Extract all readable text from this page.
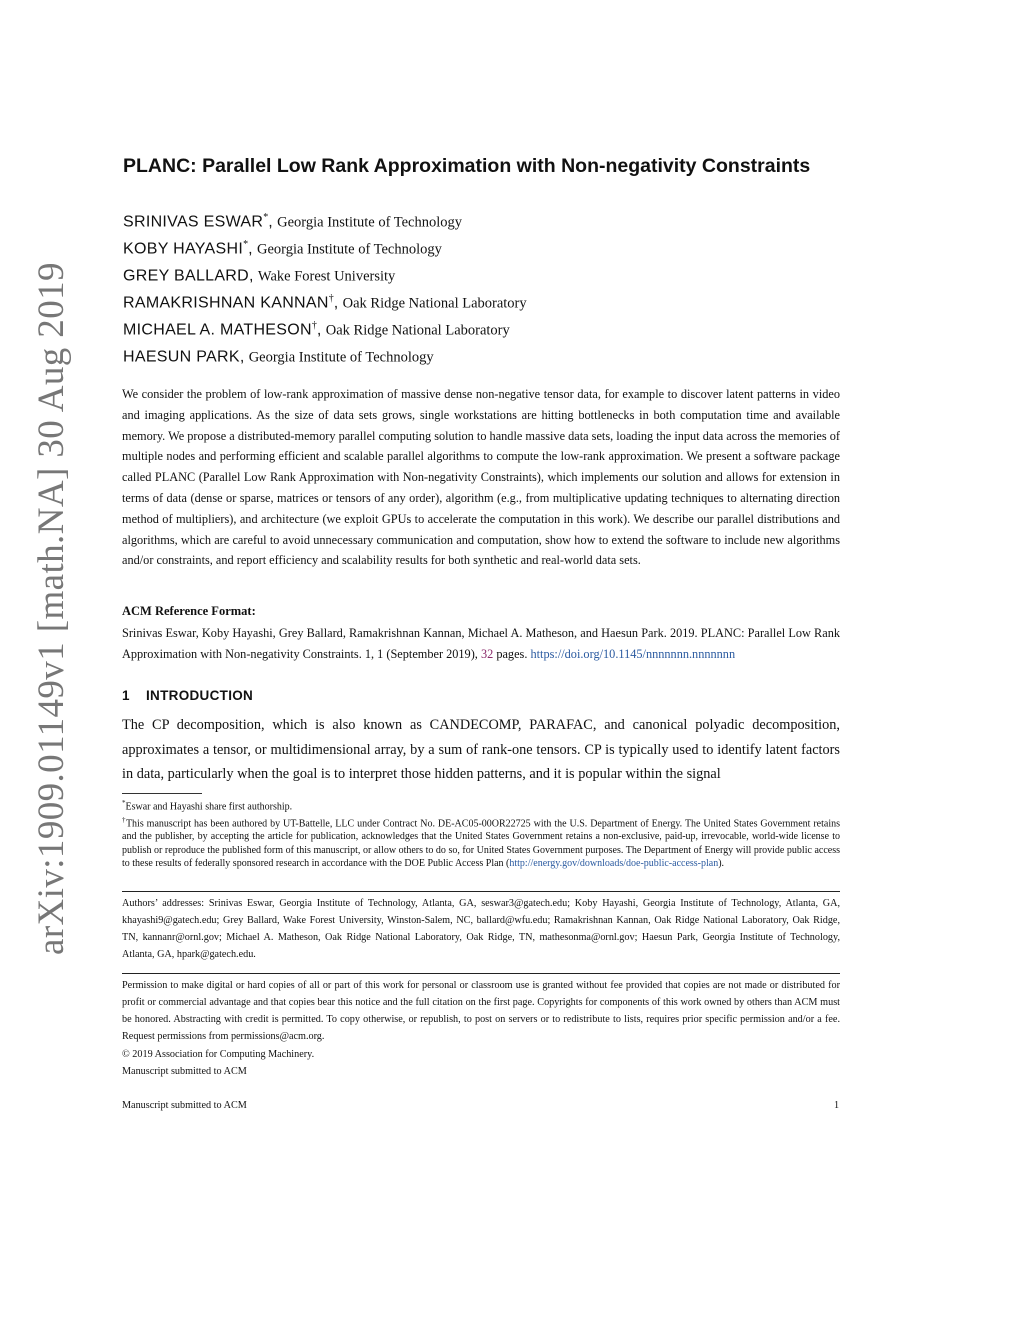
arXiv:1909.01149v1 [math.NA] 30 Aug 2019
PLANC: Parallel Low Rank Approximation with Non-negativity Constraints
SRINIVAS ESWAR*, Georgia Institute of Technology
KOBY HAYASHI*, Georgia Institute of Technology
GREY BALLARD, Wake Forest University
RAMAKRISHNAN KANNAN†, Oak Ridge National Laboratory
MICHAEL A. MATHESON†, Oak Ridge National Laboratory
HAESUN PARK, Georgia Institute of Technology
We consider the problem of low-rank approximation of massive dense non-negative tensor data, for example to discover latent patterns in video and imaging applications. As the size of data sets grows, single workstations are hitting bottlenecks in both computation time and available memory. We propose a distributed-memory parallel computing solution to handle massive data sets, loading the input data across the memories of multiple nodes and performing efficient and scalable parallel algorithms to compute the low-rank approximation. We present a software package called PLANC (Parallel Low Rank Approximation with Non-negativity Constraints), which implements our solution and allows for extension in terms of data (dense or sparse, matrices or tensors of any order), algorithm (e.g., from multiplicative updating techniques to alternating direction method of multipliers), and architecture (we exploit GPUs to accelerate the computation in this work). We describe our parallel distributions and algorithms, which are careful to avoid unnecessary communication and computation, show how to extend the software to include new algorithms and/or constraints, and report efficiency and scalability results for both synthetic and real-world data sets.
ACM Reference Format:
Srinivas Eswar, Koby Hayashi, Grey Ballard, Ramakrishnan Kannan, Michael A. Matheson, and Haesun Park. 2019. PLANC: Parallel Low Rank Approximation with Non-negativity Constraints. 1, 1 (September 2019), 32 pages. https://doi.org/10.1145/nnnnnnn.nnnnnnn
1 INTRODUCTION
The CP decomposition, which is also known as CANDECOMP, PARAFAC, and canonical polyadic decomposition, approximates a tensor, or multidimensional array, by a sum of rank-one tensors. CP is typically used to identify latent factors in data, particularly when the goal is to interpret those hidden patterns, and it is popular within the signal
*Eswar and Hayashi share first authorship.
†This manuscript has been authored by UT-Battelle, LLC under Contract No. DE-AC05-00OR22725 with the U.S. Department of Energy. The United States Government retains and the publisher, by accepting the article for publication, acknowledges that the United States Government retains a non-exclusive, paid-up, irrevocable, world-wide license to publish or reproduce the published form of this manuscript, or allow others to do so, for United States Government purposes. The Department of Energy will provide public access to these results of federally sponsored research in accordance with the DOE Public Access Plan (http://energy.gov/downloads/doe-public-access-plan).
Authors’ addresses: Srinivas Eswar, Georgia Institute of Technology, Atlanta, GA, seswar3@gatech.edu; Koby Hayashi, Georgia Institute of Technology, Atlanta, GA, khayashi9@gatech.edu; Grey Ballard, Wake Forest University, Winston-Salem, NC, ballard@wfu.edu; Ramakrishnan Kannan, Oak Ridge National Laboratory, Oak Ridge, TN, kannanr@ornl.gov; Michael A. Matheson, Oak Ridge National Laboratory, Oak Ridge, TN, mathesonma@ornl.gov; Haesun Park, Georgia Institute of Technology, Atlanta, GA, hpark@gatech.edu.
Permission to make digital or hard copies of all or part of this work for personal or classroom use is granted without fee provided that copies are not made or distributed for profit or commercial advantage and that copies bear this notice and the full citation on the first page. Copyrights for components of this work owned by others than ACM must be honored. Abstracting with credit is permitted. To copy otherwise, or republish, to post on servers or to redistribute to lists, requires prior specific permission and/or a fee. Request permissions from permissions@acm.org.
© 2019 Association for Computing Machinery.
Manuscript submitted to ACM
Manuscript submitted to ACM	1
